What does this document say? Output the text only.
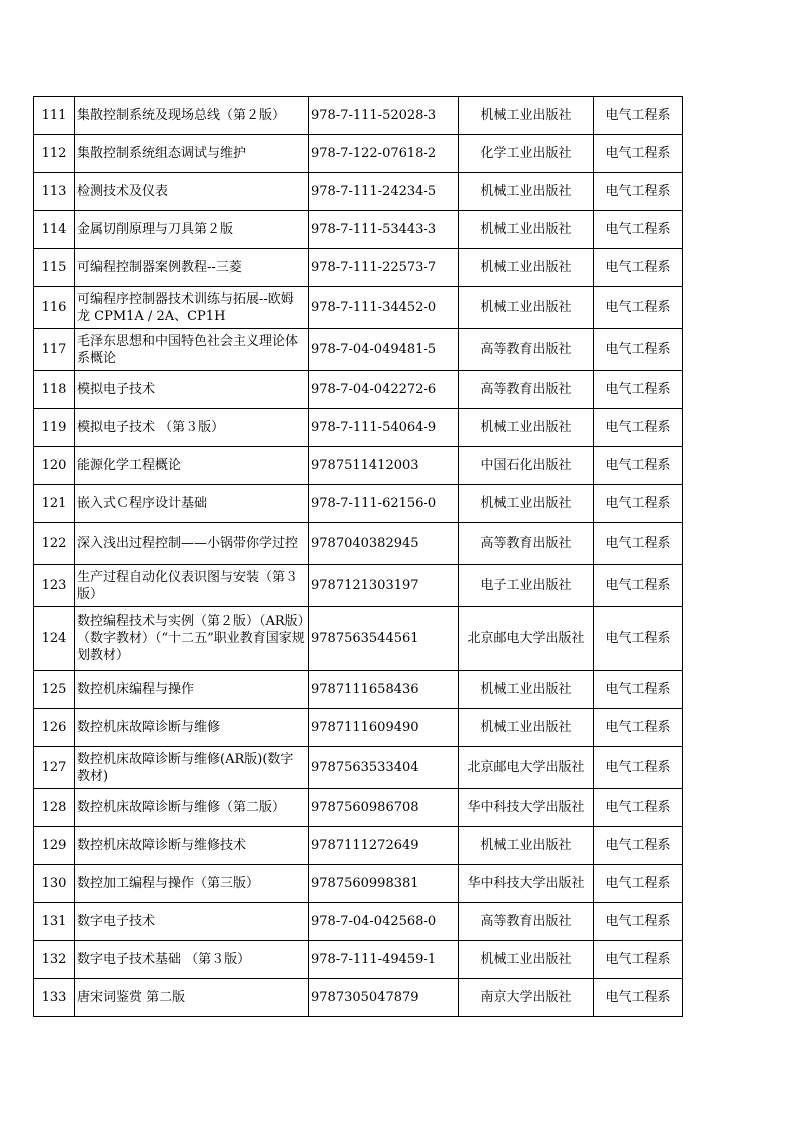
111	集散控制系统及现场总线（第２版）	978-7-111-52028-3	机械工业出版社	电气工程系
112	集散控制系统组态调试与维护	978-7-122-07618-2	化学工业出版社	电气工程系
113	检测技术及仪表	978-7-111-24234-5	机械工业出版社	电气工程系
114	金属切削原理与刀具第２版	978-7-111-53443-3	机械工业出版社	电气工程系
115	可编程控制器案例教程--三菱	978-7-111-22573-7	机械工业出版社	电气工程系
116	可编程序控制器技术训练与拓展--欧姆龙 CPM1A / 2A、CP1H	978-7-111-34452-0	机械工业出版社	电气工程系
117	毛泽东思想和中国特色社会主义理论体系概论	978-7-04-049481-5	高等教育出版社	电气工程系
118	模拟电子技术	978-7-04-042272-6	高等教育出版社	电气工程系
119	模拟电子技术 （第３版）	978-7-111-54064-9	机械工业出版社	电气工程系
120	能源化学工程概论	9787511412003	中国石化出版社	电气工程系
121	嵌入式Ｃ程序设计基础	978-7-111-62156-0	机械工业出版社	电气工程系
122	深入浅出过程控制——小锅带你学过控	9787040382945	高等教育出版社	电气工程系
123	生产过程自动化仪表识图与安装（第３版）	9787121303197	电子工业出版社	电气工程系
124	数控编程技术与实例（第２版）（AR版）（数字教材）（“十二五”职业教育国家规划教材）	9787563544561	北京邮电大学出版社	电气工程系
125	数控机床编程与操作	9787111658436	机械工业出版社	电气工程系
126	数控机床故障诊断与维修	9787111609490	机械工业出版社	电气工程系
127	数控机床故障诊断与维修(AR版)(数字教材)	9787563533404	北京邮电大学出版社	电气工程系
128	数控机床故障诊断与维修（第二版）	9787560986708	华中科技大学出版社	电气工程系
129	数控机床故障诊断与维修技术	9787111272649	机械工业出版社	电气工程系
130	数控加工编程与操作（第三版）	9787560998381	华中科技大学出版社	电气工程系
131	数字电子技术	978-7-04-042568-0	高等教育出版社	电气工程系
132	数字电子技术基础 （第３版）	978-7-111-49459-1	机械工业出版社	电气工程系
133	唐宋词鉴赏 第二版	9787305047879	南京大学出版社	电气工程系
